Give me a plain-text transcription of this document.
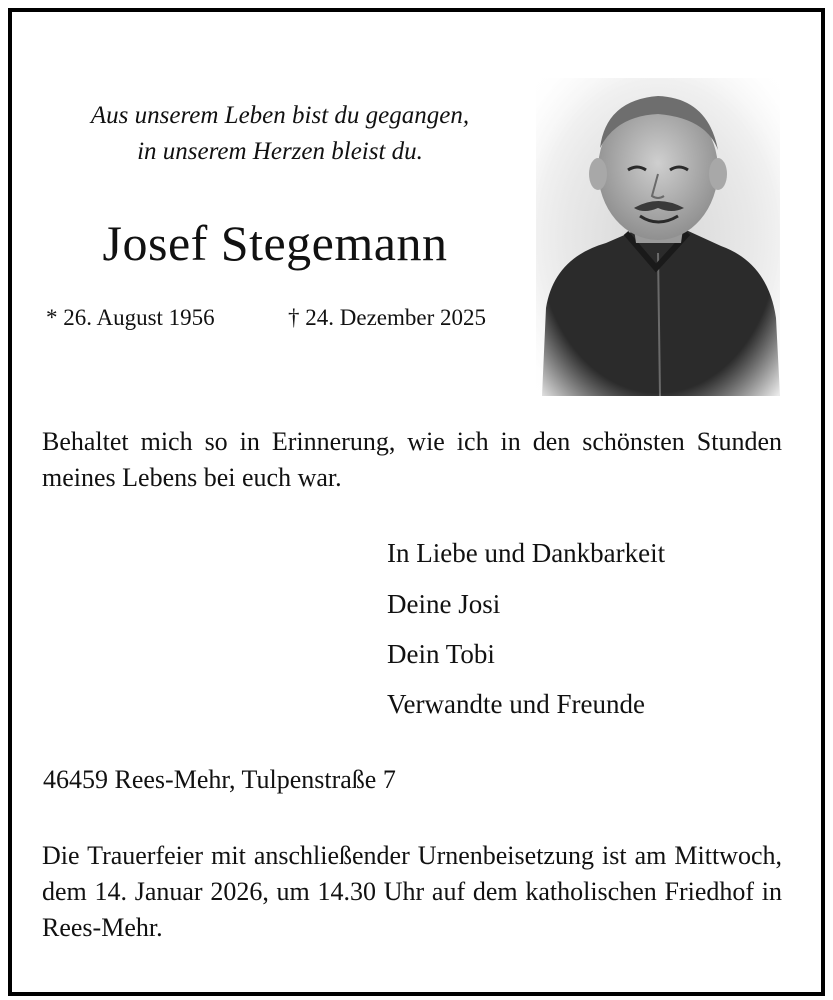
Aus unserem Leben bist du gegangen,
in unserem Herzen bleist du.
Josef Stegemann
* 26. August 1956	† 24. Dezember 2025
Behaltet mich so in Erinnerung, wie ich in den schönsten Stunden meines Lebens bei euch war.
In Liebe und Dankbarkeit
Deine Josi
Dein Tobi
Verwandte und Freunde
46459 Rees-Mehr, Tulpenstraße 7
Die Trauerfeier mit anschließender Urnenbeisetzung ist am Mittwoch, dem 14. Januar 2026, um 14.30 Uhr auf dem katholischen Friedhof in Rees-Mehr.
